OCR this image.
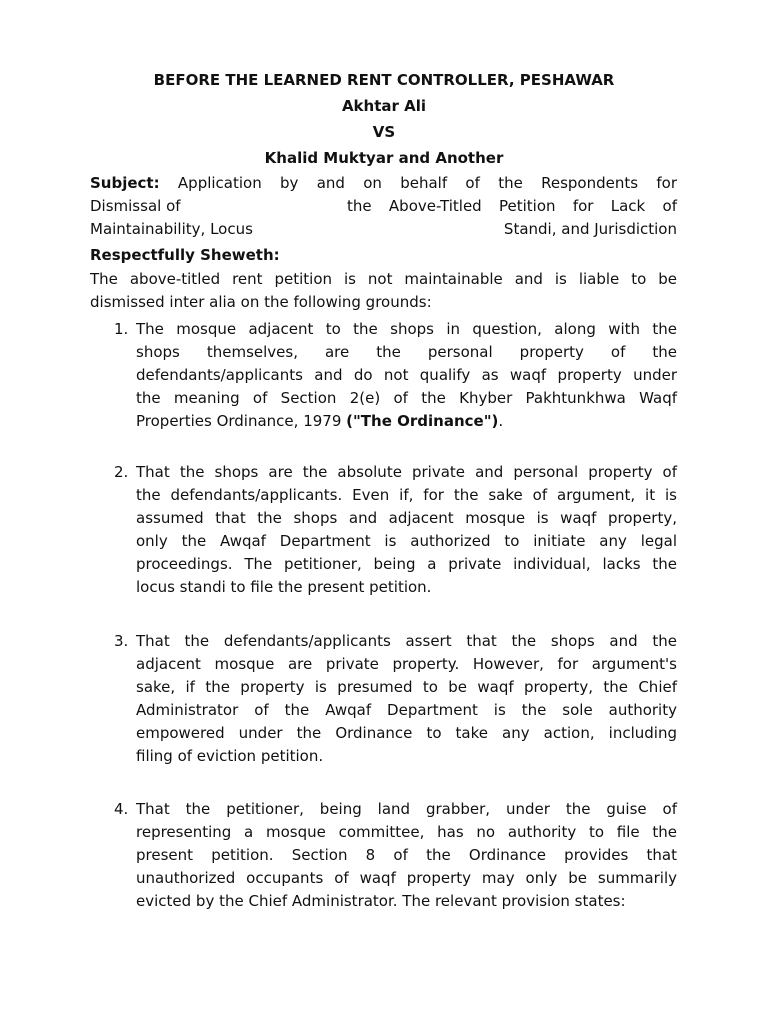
BEFORE THE LEARNED RENT CONTROLLER, PESHAWAR
Akhtar Ali
VS
Khalid Muktyar and Another
Subject: Application by and on behalf of the Respondents for
Dismissal of	the Above-Titled Petition for Lack of
Maintainability, Locus	Standi, and Jurisdiction
Respectfully Sheweth:
The above-titled rent petition is not maintainable and is liable to be
dismissed inter alia on the following grounds:
1. The mosque adjacent to the shops in question, along with the
shops themselves, are the personal property of the
defendants/applicants and do not qualify as waqf property under
the meaning of Section 2(e) of the Khyber Pakhtunkhwa Waqf
Properties Ordinance, 1979 ("The Ordinance").
2. That the shops are the absolute private and personal property of
the defendants/applicants. Even if, for the sake of argument, it is
assumed that the shops and adjacent mosque is waqf property,
only the Awqaf Department is authorized to initiate any legal
proceedings. The petitioner, being a private individual, lacks the
locus standi to file the present petition.
3. That the defendants/applicants assert that the shops and the
adjacent mosque are private property. However, for argument's
sake, if the property is presumed to be waqf property, the Chief
Administrator of the Awqaf Department is the sole authority
empowered under the Ordinance to take any action, including
filing of eviction petition.
4. That the petitioner, being land grabber, under the guise of
representing a mosque committee, has no authority to file the
present petition. Section 8 of the Ordinance provides that
unauthorized occupants of waqf property may only be summarily
evicted by the Chief Administrator. The relevant provision states:
